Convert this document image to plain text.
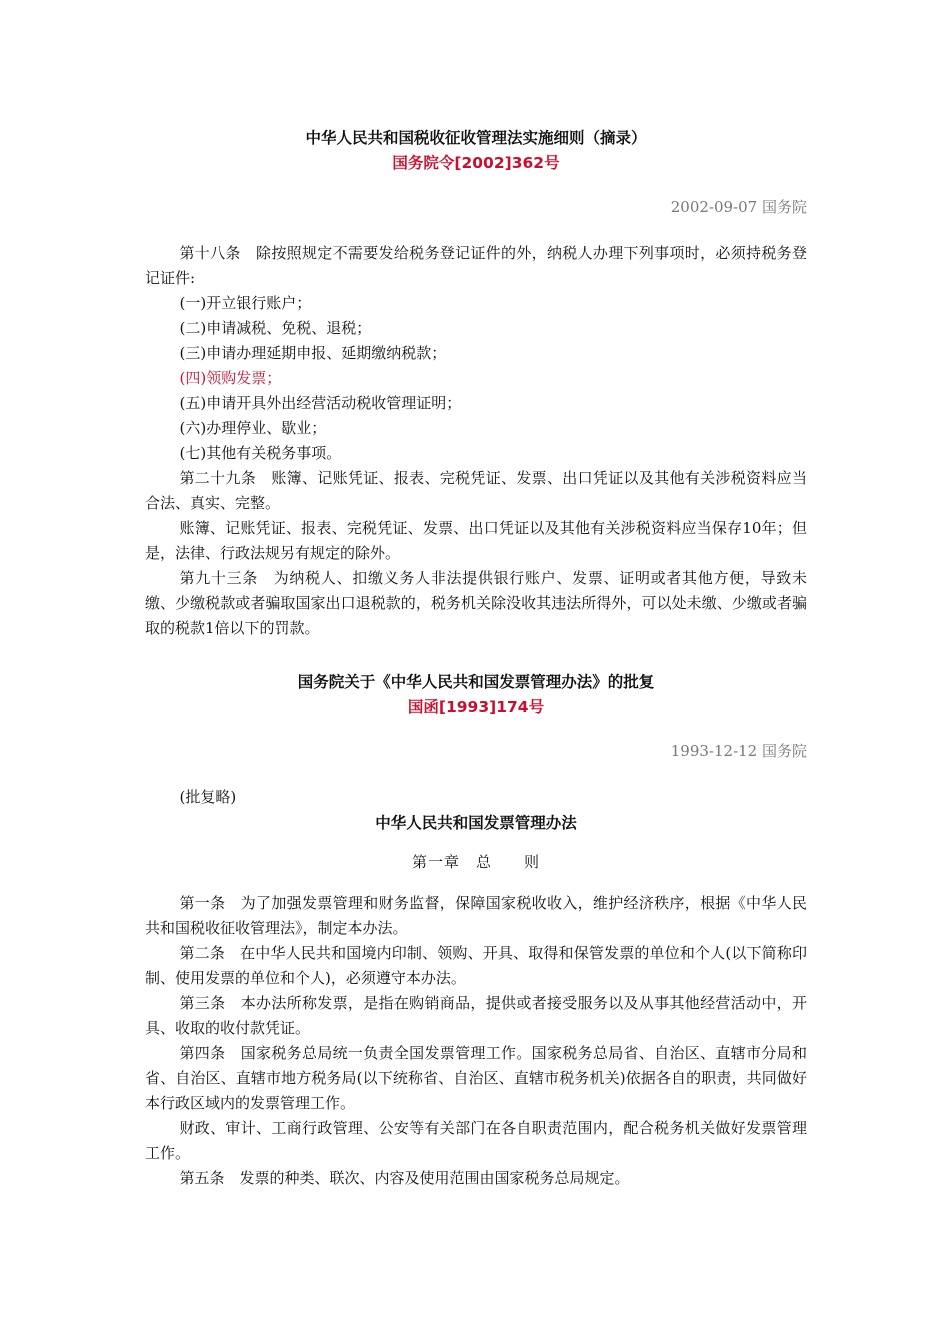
中华人民共和国税收征收管理法实施细则（摘录）
国务院令[2002]362号
2002-09-07 国务院

第十八条　除按照规定不需要发给税务登记证件的外，纳税人办理下列事项时，必须持税务登记证件:

(一)开立银行账户；

(二)申请减税、免税、退税；

(三)申请办理延期申报、延期缴纳税款；

(四)领购发票；

(五)申请开具外出经营活动税收管理证明；

(六)办理停业、歇业；

(七)其他有关税务事项。

第二十九条　账簿、记账凭证、报表、完税凭证、发票、出口凭证以及其他有关涉税资料应当合法、真实、完整。

账簿、记账凭证、报表、完税凭证、发票、出口凭证以及其他有关涉税资料应当保存10年；但是，法律、行政法规另有规定的除外。

第九十三条　为纳税人、扣缴义务人非法提供银行账户、发票、证明或者其他方便，导致未缴、少缴税款或者骗取国家出口退税款的，税务机关除没收其违法所得外，可以处未缴、少缴或者骗取的税款1倍以下的罚款。

国务院关于《中华人民共和国发票管理办法》的批复
国函[1993]174号
1993-12-12 国务院

(批复略)

中华人民共和国发票管理办法
第一章　总　　则

第一条　为了加强发票管理和财务监督，保障国家税收收入，维护经济秩序，根据《中华人民共和国税收征收管理法》，制定本办法。

第二条　在中华人民共和国境内印制、领购、开具、取得和保管发票的单位和个人(以下简称印制、使用发票的单位和个人)，必须遵守本办法。

第三条　本办法所称发票，是指在购销商品，提供或者接受服务以及从事其他经营活动中，开具、收取的收付款凭证。

第四条　国家税务总局统一负责全国发票管理工作。国家税务总局省、自治区、直辖市分局和省、自治区、直辖市地方税务局(以下统称省、自治区、直辖市税务机关)依据各自的职责，共同做好本行政区域内的发票管理工作。

财政、审计、工商行政管理、公安等有关部门在各自职责范围内，配合税务机关做好发票管理工作。

第五条　发票的种类、联次、内容及使用范围由国家税务总局规定。
